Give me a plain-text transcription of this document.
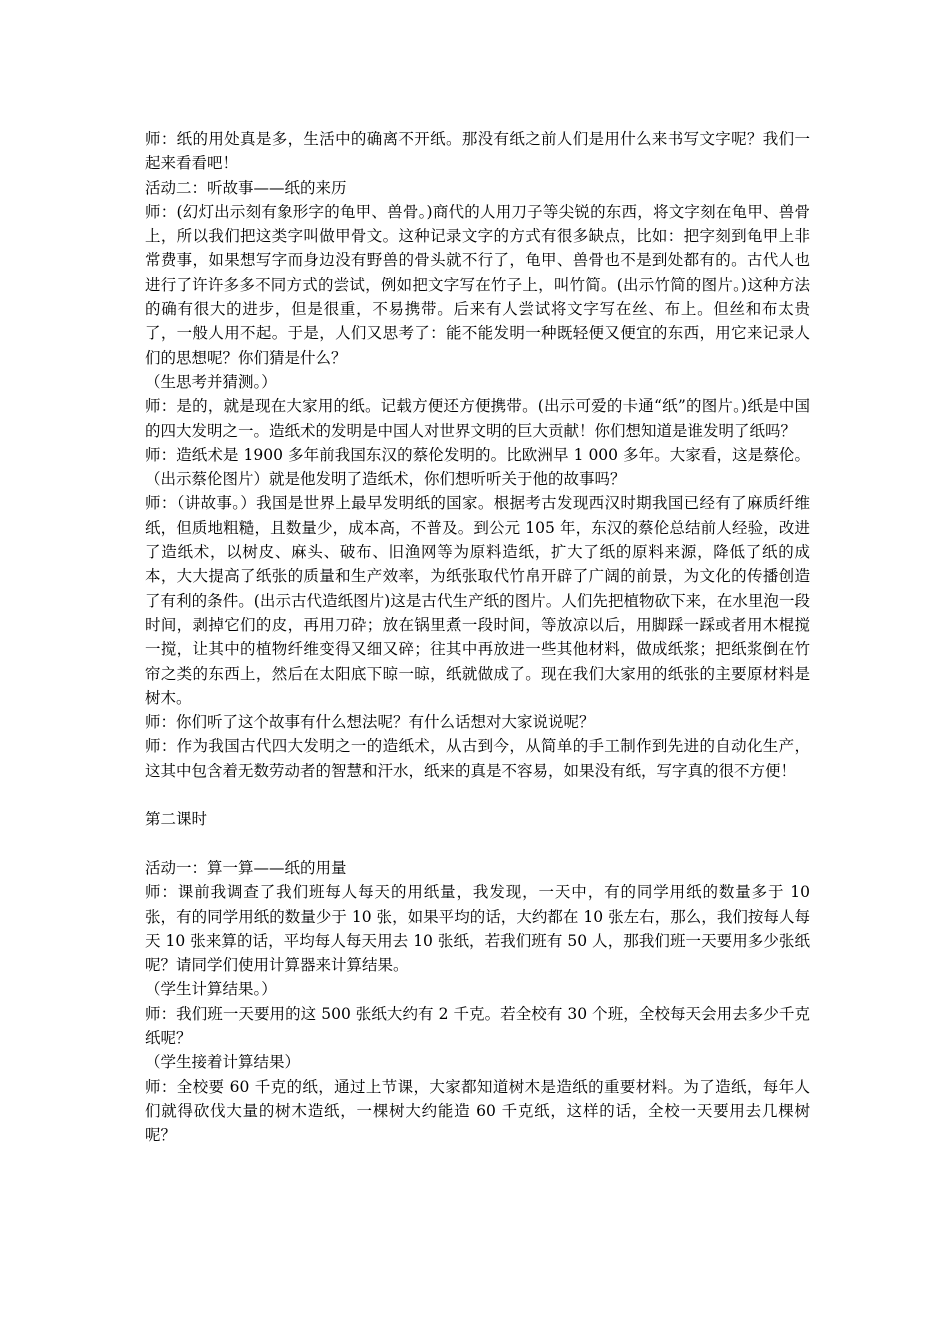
师：纸的用处真是多，生活中的确离不开纸。那没有纸之前人们是用什么来书写文字呢？我们一起来看看吧！

活动二：听故事——纸的来历

师：(幻灯出示刻有象形字的龟甲、兽骨。)商代的人用刀子等尖锐的东西，将文字刻在龟甲、兽骨上，所以我们把这类字叫做甲骨文。这种记录文字的方式有很多缺点，比如：把字刻到龟甲上非常费事，如果想写字而身边没有野兽的骨头就不行了，龟甲、兽骨也不是到处都有的。古代人也进行了许许多多不同方式的尝试，例如把文字写在竹子上，叫竹简。(出示竹简的图片。)这种方法的确有很大的进步，但是很重，不易携带。后来有人尝试将文字写在丝、布上。但丝和布太贵了，一般人用不起。于是，人们又思考了：能不能发明一种既轻便又便宜的东西，用它来记录人们的思想呢？你们猜是什么？

（生思考并猜测。）

师：是的，就是现在大家用的纸。记载方便还方便携带。(出示可爱的卡通“纸”的图片。)纸是中国的四大发明之一。造纸术的发明是中国人对世界文明的巨大贡献！你们想知道是谁发明了纸吗？

师：造纸术是 1900 多年前我国东汉的蔡伦发明的。比欧洲早 1 000 多年。大家看，这是蔡伦。（出示蔡伦图片）就是他发明了造纸术，你们想听听关于他的故事吗？

师：（讲故事。）我国是世界上最早发明纸的国家。根据考古发现西汉时期我国已经有了麻质纤维纸，但质地粗糙，且数量少，成本高，不普及。到公元 105 年，东汉的蔡伦总结前人经验，改进了造纸术，以树皮、麻头、破布、旧渔网等为原料造纸，扩大了纸的原料来源，降低了纸的成本，大大提高了纸张的质量和生产效率，为纸张取代竹帛开辟了广阔的前景，为文化的传播创造了有利的条件。(出示古代造纸图片)这是古代生产纸的图片。人们先把植物砍下来，在水里泡一段时间，剥掉它们的皮，再用刀砕；放在锅里煮一段时间，等放凉以后，用脚踩一踩或者用木棍搅一搅，让其中的植物纤维变得又细又碎；往其中再放进一些其他材料，做成纸浆；把纸浆倒在竹帘之类的东西上，然后在太阳底下晾一晾，纸就做成了。现在我们大家用的纸张的主要原材料是树木。

师：你们听了这个故事有什么想法呢？有什么话想对大家说说呢？

师：作为我国古代四大发明之一的造纸术，从古到今，从简单的手工制作到先进的自动化生产，这其中包含着无数劳动者的智慧和汗水，纸来的真是不容易，如果没有纸，写字真的很不方便！

第二课时

活动一：算一算——纸的用量

师：课前我调查了我们班每人每天的用纸量，我发现，一天中，有的同学用纸的数量多于 10 张，有的同学用纸的数量少于 10 张，如果平均的话，大约都在 10 张左右，那么，我们按每人每天 10 张来算的话，平均每人每天用去 10 张纸，若我们班有 50 人，那我们班一天要用多少张纸呢？请同学们使用计算器来计算结果。

（学生计算结果。）

师：我们班一天要用的这 500 张纸大约有 2 千克。若全校有 30 个班，全校每天会用去多少千克纸呢？

（学生接着计算结果）

师：全校要 60 千克的纸，通过上节课，大家都知道树木是造纸的重要材料。为了造纸，每年人们就得砍伐大量的树木造纸，一棵树大约能造 60 千克纸，这样的话，全校一天要用去几棵树呢？
